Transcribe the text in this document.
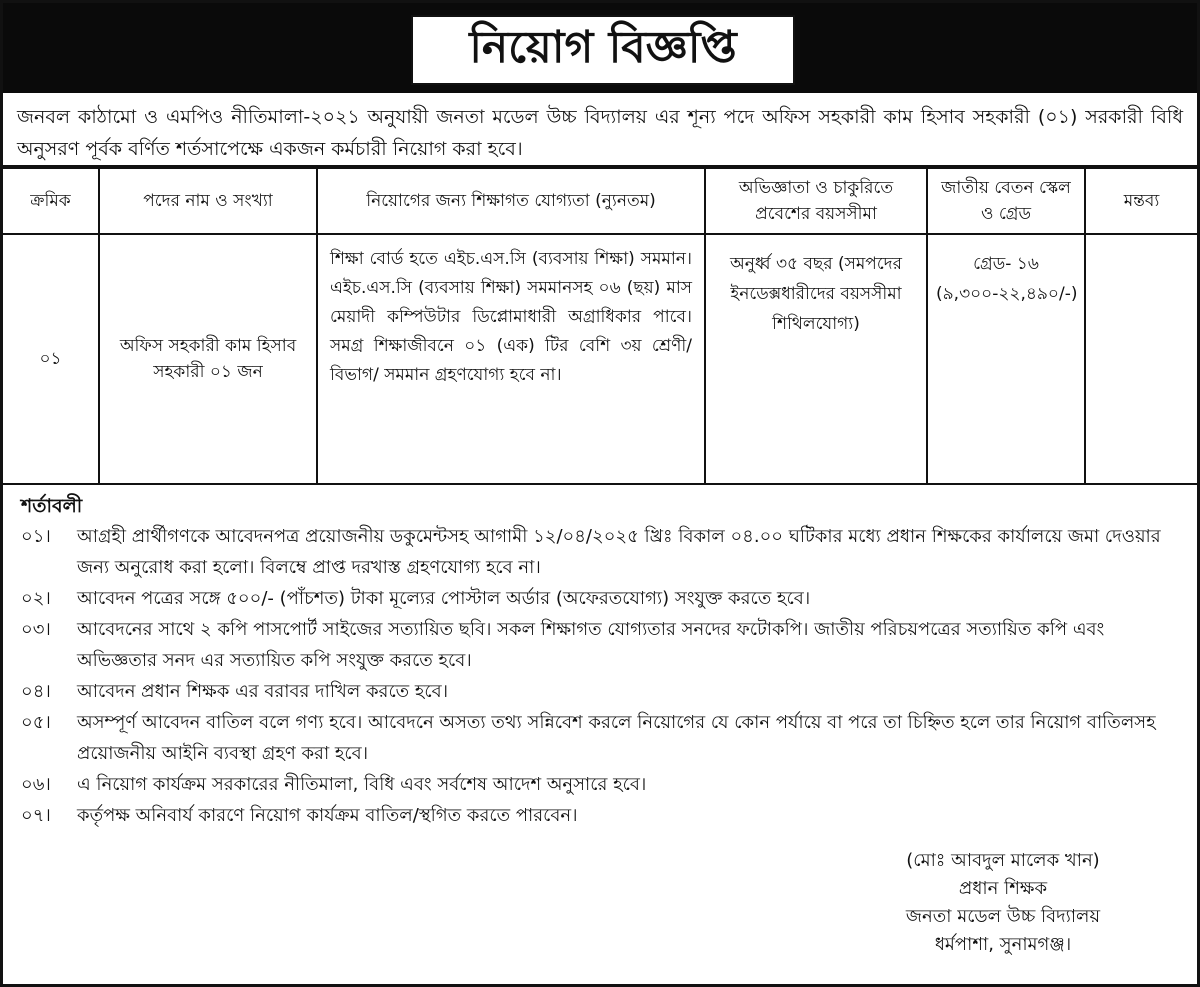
নিয়োগ বিজ্ঞপ্তি
জনবল কাঠামো ও এমপিও নীতিমালা-২০২১ অনুযায়ী জনতা মডেল উচ্চ বিদ্যালয় এর শূন্য পদে অফিস সহকারী কাম হিসাব সহকারী (০১) সরকারী বিধি অনুসরণ পূর্বক বর্ণিত শর্তসাপেক্ষে একজন কর্মচারী নিয়োগ করা হবে।
ক্রমিক	পদের নাম ও সংখ্যা	নিয়োগের জন্য শিক্ষাগত যোগ্যতা (ন্যুনতম)	অভিজ্ঞাতা ও চাকুরিতে প্রবেশের বয়সসীমা	জাতীয় বেতন স্কেল ও গ্রেড	মন্তব্য
০১	অফিস সহকারী কাম হিসাব সহকারী ০১ জন	শিক্ষা বোর্ড হতে এইচ.এস.সি (ব্যবসায় শিক্ষা) সমমান। এইচ.এস.সি (ব্যবসায় শিক্ষা) সমমানসহ ০৬ (ছয়) মাস মেয়াদী কম্পিউটার ডিপ্লোমাধারী অগ্রাধিকার পাবে। সমগ্র শিক্ষাজীবনে ০১ (এক) টির বেশি ৩য় শ্রেণী/ বিভাগ/ সমমান গ্রহণযোগ্য হবে না।	অনুর্ধ্ব ৩৫ বছর (সমপদের ইনডেক্সধারীদের বয়সসীমা শিথিলযোগ্য)	গ্রেড- ১৬
(৯,৩০০-২২,৪৯০/-)	

শর্তাবলী
০১।	আগ্রহী প্রার্থীগণকে আবেদনপত্র প্রয়োজনীয় ডকুমেন্টসহ আগামী ১২/০৪/২০২৫ খ্রিঃ বিকাল ০৪.০০ ঘটিকার মধ্যে প্রধান শিক্ষকের কার্যালয়ে জমা দেওয়ার জন্য অনুরোধ করা হলো। বিলম্বে প্রাপ্ত দরখাস্ত গ্রহণযোগ্য হবে না।
০২।	আবেদন পত্রের সঙ্গে ৫০০/- (পাঁচশত) টাকা মূল্যের পোস্টাল অর্ডার (অফেরতযোগ্য) সংযুক্ত করতে হবে।
০৩।	আবেদনের সাথে ২ কপি পাসপোর্ট সাইজের সত্যায়িত ছবি। সকল শিক্ষাগত যোগ্যতার সনদের ফটোকপি। জাতীয় পরিচয়পত্রের সত্যায়িত কপি এবং অভিজ্ঞতার সনদ এর সত্যায়িত কপি সংযুক্ত করতে হবে।
০৪।	আবেদন প্রধান শিক্ষক এর বরাবর দাখিল করতে হবে।
০৫।	অসম্পূর্ণ আবেদন বাতিল বলে গণ্য হবে। আবেদনে অসত্য তথ্য সন্নিবেশ করলে নিয়োগের যে কোন পর্যায়ে বা পরে তা চিহ্নিত হলে তার নিয়োগ বাতিলসহ প্রয়োজনীয় আইনি ব্যবস্থা গ্রহণ করা হবে।
০৬।	এ নিয়োগ কার্যক্রম সরকারের নীতিমালা, বিধি এবং সর্বশেষ আদেশ অনুসারে হবে।
০৭।	কর্তৃপক্ষ অনিবার্য কারণে নিয়োগ কার্যক্রম বাতিল/স্থগিত করতে পারবেন।
(মোঃ আবদুল মালেক খান)
প্রধান শিক্ষক
জনতা মডেল উচ্চ বিদ্যালয়
ধর্মপাশা, সুনামগঞ্জ।
